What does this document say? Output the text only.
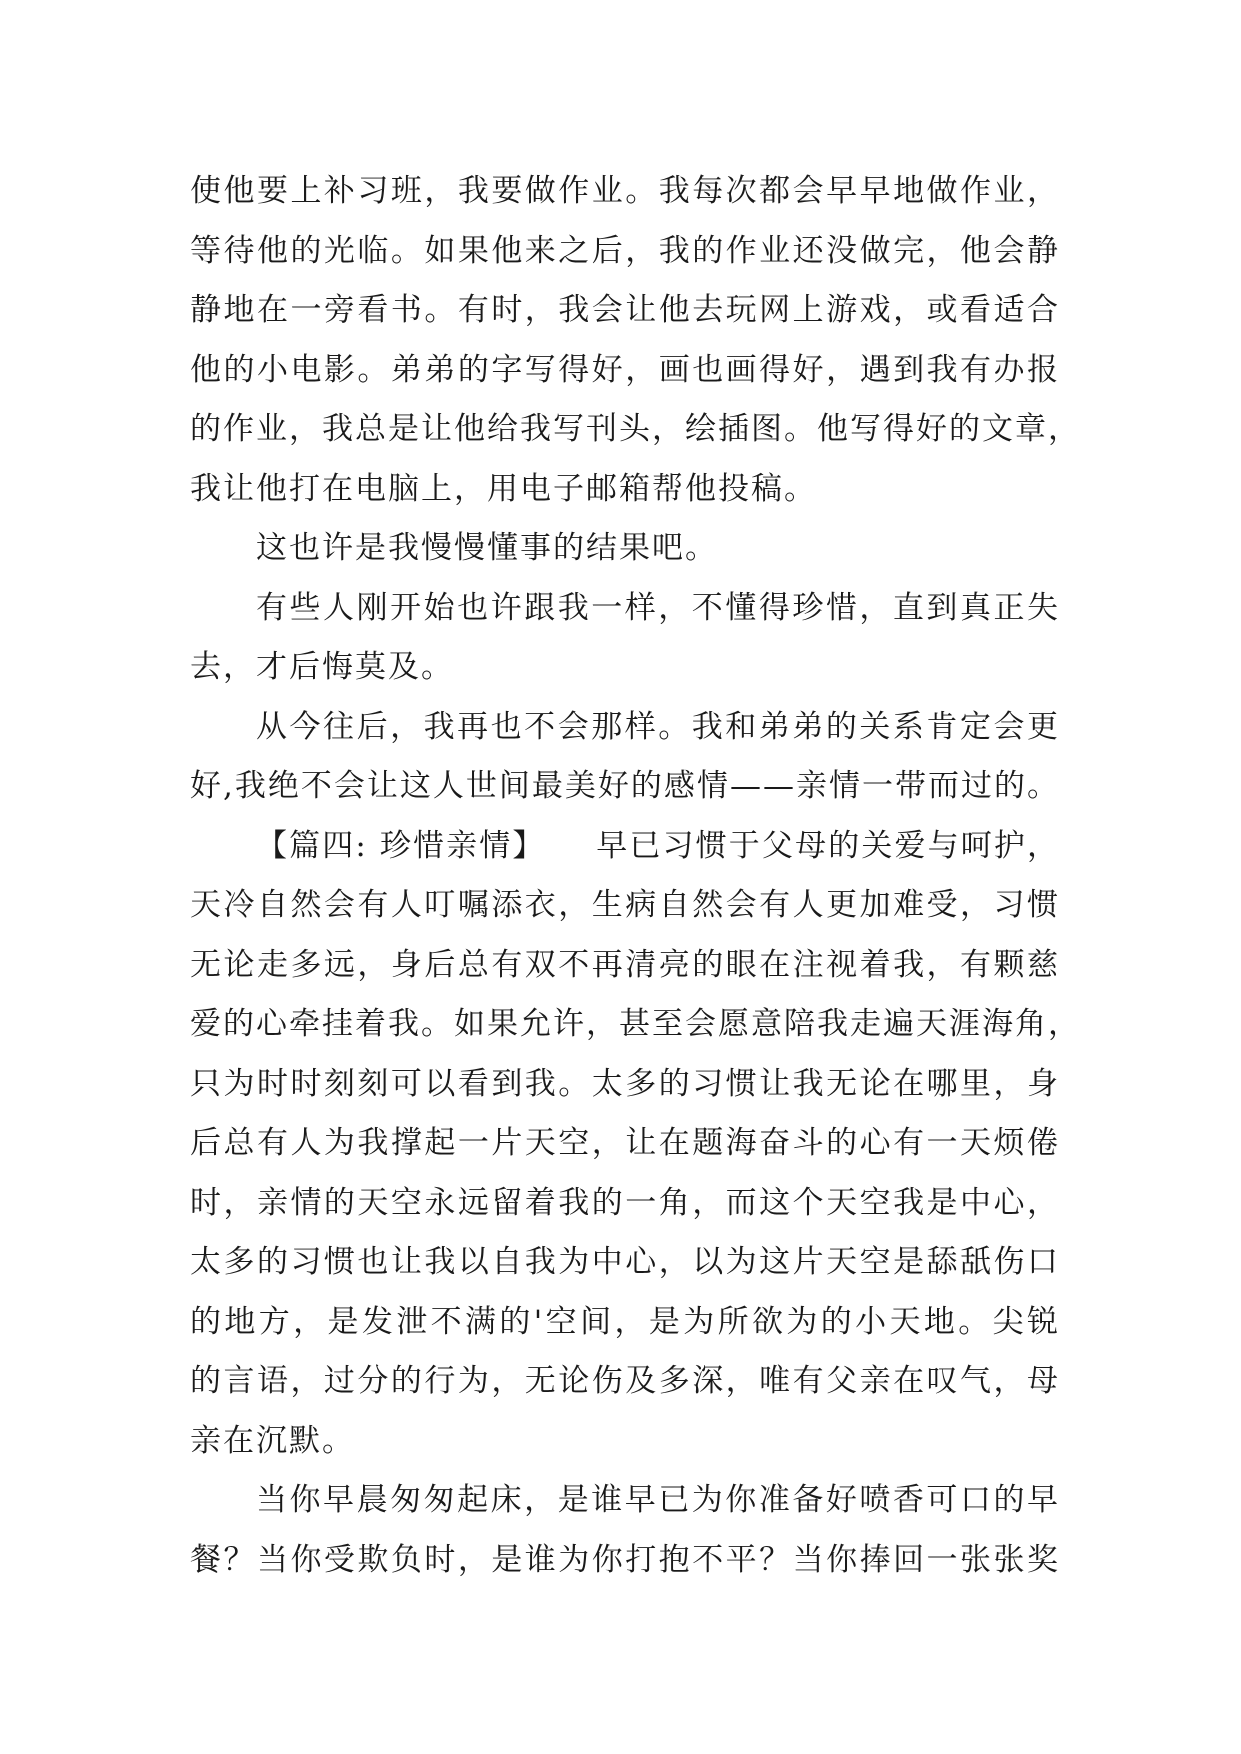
使他要上补习班，我要做作业。我每次都会早早地做作业，
等待他的光临。如果他来之后，我的作业还没做完，他会静
静地在一旁看书。有时，我会让他去玩网上游戏，或看适合
他的小电影。弟弟的字写得好，画也画得好，遇到我有办报
的作业，我总是让他给我写刊头，绘插图。他写得好的文章，
我让他打在电脑上，用电子邮箱帮他投稿。
这也许是我慢慢懂事的结果吧。
有些人刚开始也许跟我一样，不懂得珍惜，直到真正失
去，才后悔莫及。
从今往后，我再也不会那样。我和弟弟的关系肯定会更
好,我绝不会让这人世间最美好的感情——亲情一带而过的。
【篇四: 珍惜亲情】　　早已习惯于父母的关爱与呵护，
天冷自然会有人叮嘱添衣，生病自然会有人更加难受，习惯
无论走多远，身后总有双不再清亮的眼在注视着我，有颗慈
爱的心牵挂着我。如果允许，甚至会愿意陪我走遍天涯海角，
只为时时刻刻可以看到我。太多的习惯让我无论在哪里，身
后总有人为我撑起一片天空，让在题海奋斗的心有一天烦倦
时，亲情的天空永远留着我的一角，而这个天空我是中心，
太多的习惯也让我以自我为中心，以为这片天空是舔舐伤口
的地方，是发泄不满的'空间，是为所欲为的小天地。尖锐
的言语，过分的行为，无论伤及多深，唯有父亲在叹气，母
亲在沉默。
当你早晨匆匆起床，是谁早已为你准备好喷香可口的早
餐？当你受欺负时，是谁为你打抱不平？当你捧回一张张奖
